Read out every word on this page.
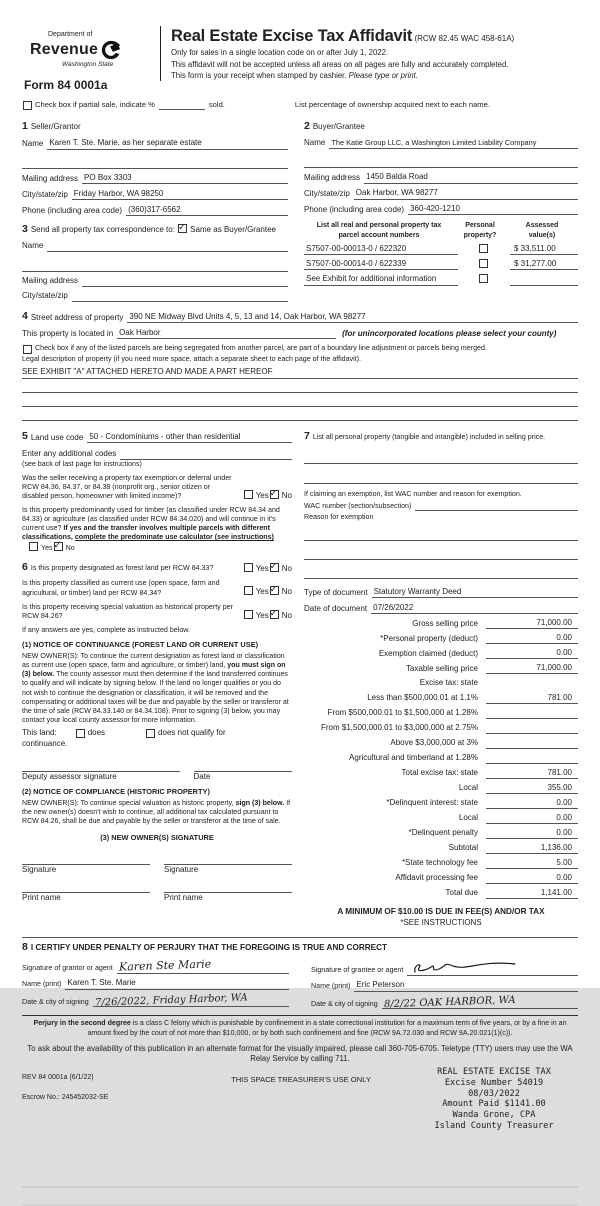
Department of
Revenue
Washington State
Form 84 0001a
Real Estate Excise Tax Affidavit (RCW 82.45 WAC 458-61A)
Only for sales in a single location code on or after July 1, 2022.
This affidavit will not be accepted unless all areas on all pages are fully and accurately completed.
This form is your receipt when stamped by cashier. Please type or print.
Check box if partial sale, indicate %	sold.	List percentage of ownership acquired next to each name.
1 Seller/Grantor
Name Karen T. Ste. Marie, as her separate estate
Mailing address PO Box 3303
City/state/zip Friday Harbor, WA 98250
Phone (including area code) (360)317-6562
3 Send all property tax correspondence to: ✓ Same as Buyer/Grantee
Name
Mailing address
City/state/zip
2 Buyer/Grantee
Name The Katie Group LLC, a Washington Limited Liability Company
Mailing address 1450 Balda Road
City/state/zip Oak Harbor, WA 98277
Phone (including area code) 360-420-1210
List all real and personal property tax
parcel account numbers
Personal
property?
Assessed
value(s)
S7507-00-00013-0 / 622320	$ 33,511.00
S7507-00-00014-0 / 622339	$ 31,277.00
See Exhibit for additional information
4 Street address of property 390 NE Midway Blvd Units 4, 5, 13 and 14, Oak Harbor, WA 98277
This property is located in Oak Harbor	(for unincorporated locations please select your county)
Check box if any of the listed parcels are being segregated from another parcel, are part of a boundary line adjustment or parcels being merged.
Legal description of property (if you need more space, attach a separate sheet to each page of the affidavit).
SEE EXHIBIT "A" ATTACHED HERETO AND MADE A PART HEREOF
5 Land use code 50 - Condominiums - other than residential
Enter any additional codes
(see back of last page for instructions)
Was the seller receiving a property tax exemption or deferral under RCW 84.36, 84.37, or 84.38 (nonprofit org., senior citizen or disabled person, homeowner with limited income)?	Yes ✓ No
Is this property predominantly used for timber (as classified under RCW 84.34 and 84.33) or agriculture (as classified under RCW 84.34.020) and will continue in it's current use? If yes and the transfer involves multiple parcels with different classifications, complete the predominate use calculator (see instructions) Yes ✓ No
6 Is this property designated as forest land per RCW 84.33?	Yes ✓ No
Is this property classified as current use (open space, farm and agricultural, or timber) land per RCW 84.34?	Yes ✓ No
Is this property receiving special valuation as historical property per RCW 84.26?	Yes ✓ No
If any answers are yes, complete as instructed below.
(1) NOTICE OF CONTINUANCE (FOREST LAND OR CURRENT USE)
NEW OWNER(S): To continue the current designation as forest land or classification as current use (open space, farm and agriculture, or timber) land, you must sign on (3) below. The county assessor must then determine if the land transferred continues to qualify and will indicate by signing below. If the land no longer qualifies or you do not wish to continue the designation or classification, it will be removed and the compensating or additional taxes will be due and payable by the seller or transferor at the time of sale (RCW 84.33.140 or 84.34.108). Prior to signing (3) below, you may contact your local county assessor for more information.
This land:	does	does not qualify for
continuance.
Deputy assessor signature	Date
(2) NOTICE OF COMPLIANCE (HISTORIC PROPERTY)
NEW OWNER(S): To continue special valuation as historic property, sign (3) below. If the new owner(s) doesn't wish to continue, all additional tax calculated pursuant to RCW 84.26, shall be due and payable by the seller or transferor at the time of sale.
(3) NEW OWNER(S) SIGNATURE
Signature	Signature
Print name	Print name
7 List all personal property (tangible and intangible) included in selling price.
If claiming an exemption, list WAC number and reason for exemption.
WAC number (section/subsection)
Reason for exemption
Type of document Statutory Warranty Deed
Date of document 07/26/2022
Gross selling price	71,000.00
*Personal property (deduct)	0.00
Exemption claimed (deduct)	0.00
Taxable selling price	71,000.00
Excise tax: state
Less than $500,000.01 at 1.1%	781.00
From $500,000.01 to $1,500,000 at 1.28%
From $1,500,000.01 to $3,000,000 at 2.75%
Above $3,000,000 at 3%
Agricultural and timberland at 1.28%
Total excise tax: state	781.00
Local	355.00
*Delinquent interest: state	0.00
Local	0.00
*Delinquent penalty	0.00
Subtotal	1,136.00
*State technology fee	5.00
Affidavit processing fee	0.00
Total due	1,141.00
A MINIMUM OF $10.00 IS DUE IN FEE(S) AND/OR TAX
*SEE INSTRUCTIONS
8 I CERTIFY UNDER PENALTY OF PERJURY THAT THE FOREGOING IS TRUE AND CORRECT
Signature of grantor or agent Karen Ste Marie
Name (print) Karen T. Ste. Marie
Date & city of signing 7/26/2022, Friday Harbor, WA
Signature of grantee or agent
Name (print) Eric Peterson
Date & city of signing 8/2/22 OAK HARBOR, WA
Perjury in the second degree is a class C felony which is punishable by confinement in a state correctional institution for a maximum term of five years, or by a fine in an amount fixed by the court of not more than $10,000, or by both such confinement and fine (RCW 9A.72.030 and RCW 9A.20.021(1)(c)).
To ask about the availability of this publication in an alternate format for the visually impaired, please call 360-705-6705. Teletype (TTY) users may use the WA Relay Service by calling 711.
REV 84 0001a (6/1/22)
Escrow No.: 245452032-SE
THIS SPACE TREASURER'S USE ONLY
REAL ESTATE EXCISE TAX
Excise Number 54019
08/03/2022
Amount Paid $1141.00
Wanda Grone, CPA
Island County Treasurer
